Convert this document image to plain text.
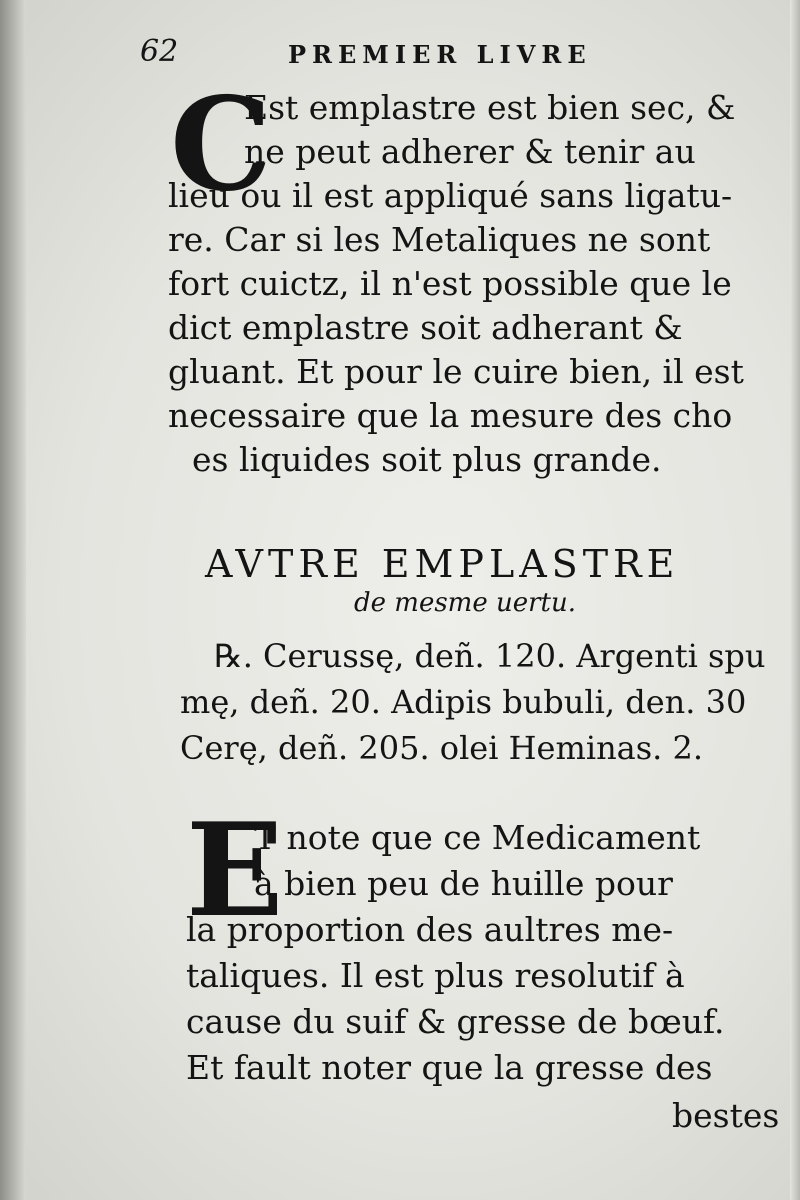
62	PREMIER LIVRE
C
Est emplastre est bien sec, &
ne peut adherer & tenir au
lieu ou il est appliqué sans ligatu-
re. Car si les Metaliques ne sont
fort cuictz, il n'est possible que le
dict emplastre soit adherant &
gluant. Et pour le cuire bien, il est
necessaire que la mesure des cho
es liquides soit plus grande.
AVTRE EMPLASTRE
de mesme uertu.
℞. Cerussę, deñ. 120. Argenti spu
mę, deñ. 20. Adipis bubuli, den. 30
Cerę, deñ. 205. olei Heminas. 2.
E
T note que ce Medicament
à bien peu de huille pour
la proportion des aultres me-
taliques. Il est plus resolutif à
cause du suif & gresse de bœuf.
Et fault noter que la gresse des
bestes
